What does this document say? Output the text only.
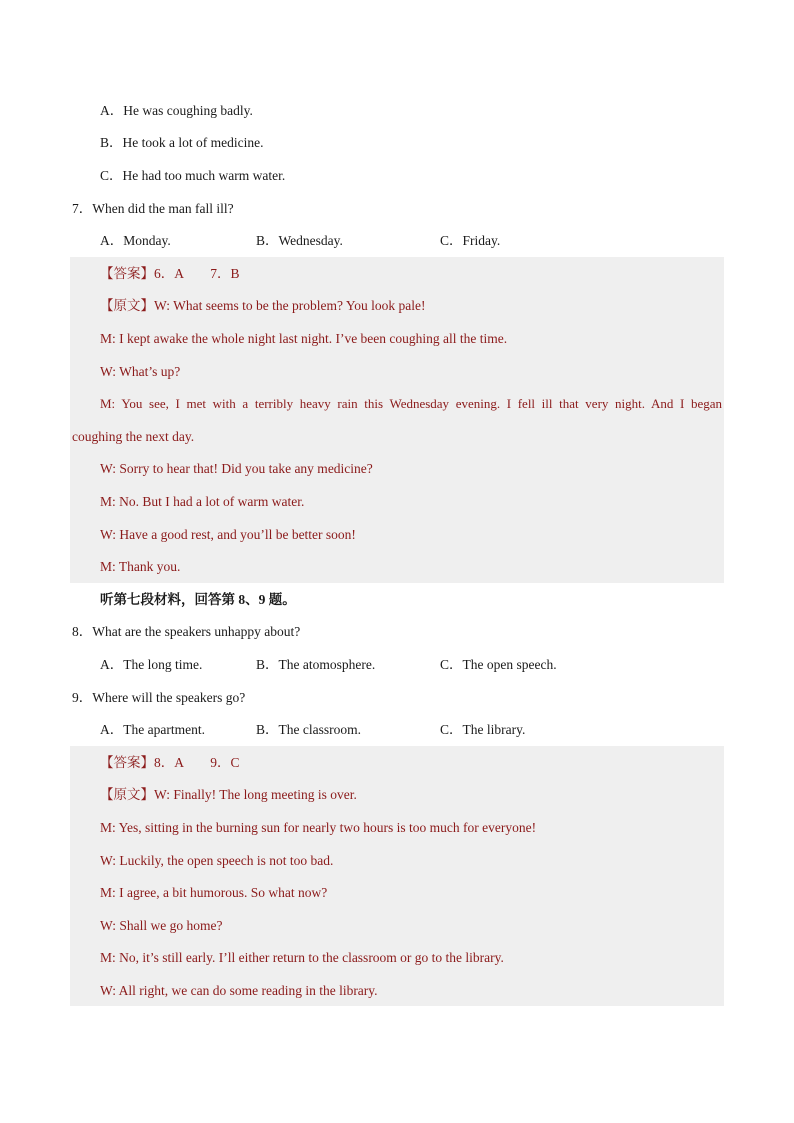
A．He was coughing badly.
B．He took a lot of medicine.
C．He had too much warm water.
7．When did the man fall ill?
A．Monday.	B．Wednesday.	C．Friday.
【答案】6．A　　7．B
【原文】W: What seems to be the problem? You look pale!
M: I kept awake the whole night last night. I’ve been coughing all the time.
W: What’s up?
M: You see, I met with a terribly heavy rain this Wednesday evening. I fell ill that very night. And I began
coughing the next day.
W: Sorry to hear that! Did you take any medicine?
M: No. But I had a lot of warm water.
W: Have a good rest, and you’ll be better soon!
M: Thank you.
听第七段材料，回答第 8、9 题。
8．What are the speakers unhappy about?
A．The long time.	B．The atomosphere.	C．The open speech.
9．Where will the speakers go?
A．The apartment.	B．The classroom.	C．The library.
【答案】8．A　　9．C
【原文】W: Finally! The long meeting is over.
M: Yes, sitting in the burning sun for nearly two hours is too much for everyone!
W: Luckily, the open speech is not too bad.
M: I agree, a bit humorous. So what now?
W: Shall we go home?
M: No, it’s still early. I’ll either return to the classroom or go to the library.
W: All right, we can do some reading in the library.
